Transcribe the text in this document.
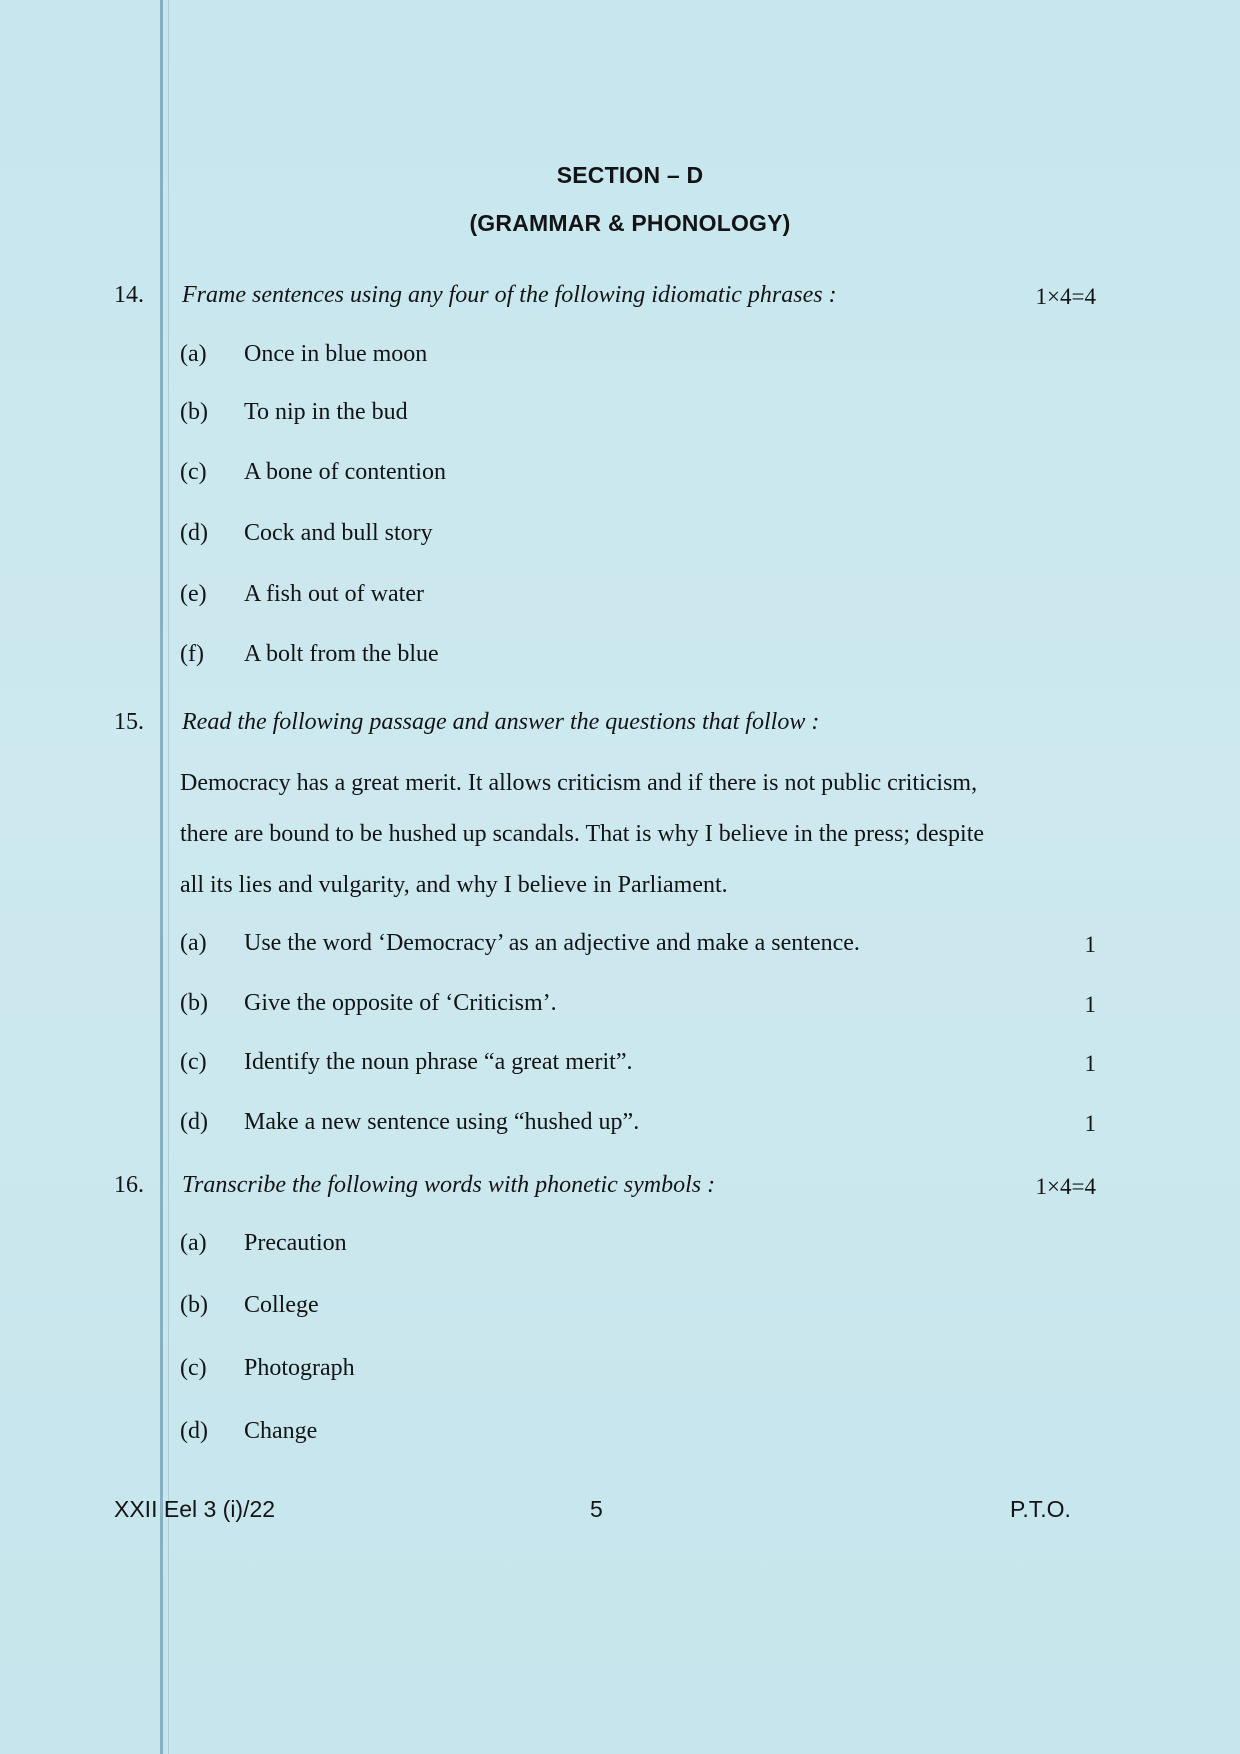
SECTION – D
(GRAMMAR & PHONOLOGY)
14. Frame sentences using any four of the following idiomatic phrases :	1×4=4
(a) Once in blue moon
(b) To nip in the bud
(c) A bone of contention
(d) Cock and bull story
(e) A fish out of water
(f) A bolt from the blue
15. Read the following passage and answer the questions that follow :
Democracy has a great merit. It allows criticism and if there is not public criticism,
there are bound to be hushed up scandals. That is why I believe in the press; despite
all its lies and vulgarity, and why I believe in Parliament.
(a) Use the word ‘Democracy’ as an adjective and make a sentence.	1
(b) Give the opposite of ‘Criticism’.	1
(c) Identify the noun phrase “a great merit”.	1
(d) Make a new sentence using “hushed up”.	1
16. Transcribe the following words with phonetic symbols :	1×4=4
(a) Precaution
(b) College
(c) Photograph
(d) Change
XXII Eel 3 (i)/22	5	P.T.O.
